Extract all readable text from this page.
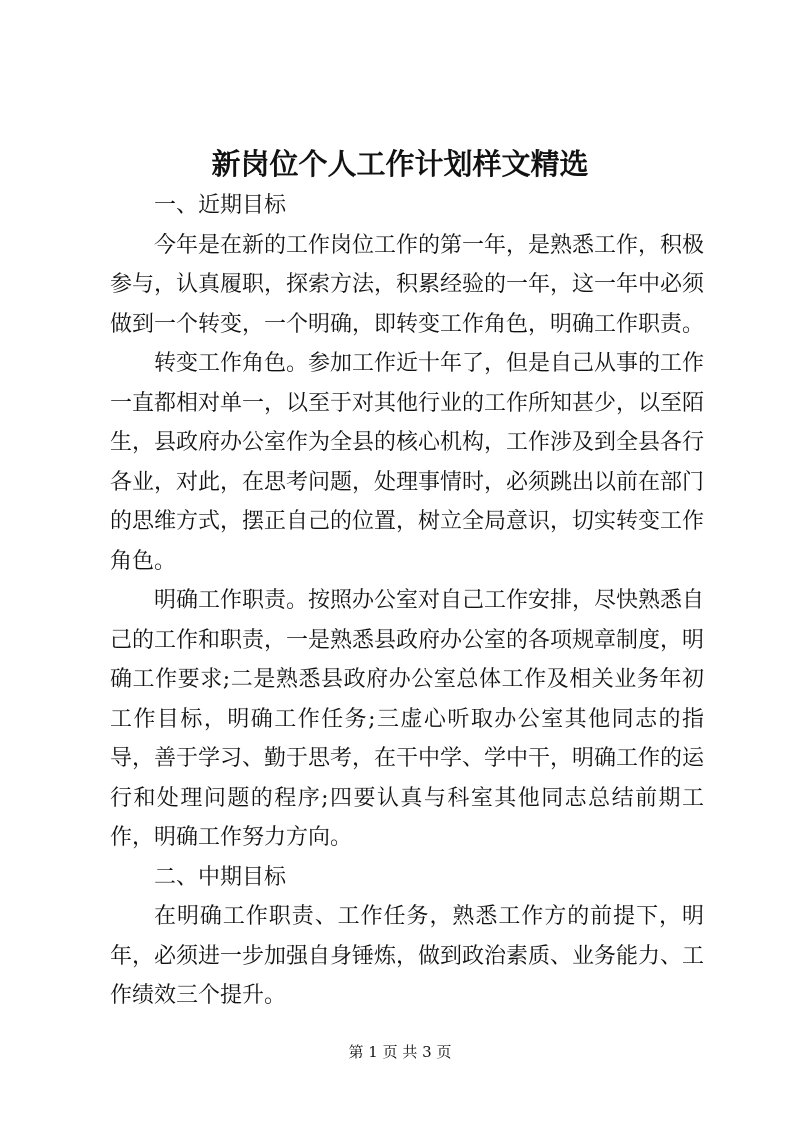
新岗位个人工作计划样文精选

一、近期目标

今年是在新的工作岗位工作的第一年，是熟悉工作，积极参与，认真履职，探索方法，积累经验的一年，这一年中必须做到一个转变，一个明确，即转变工作角色，明确工作职责。

转变工作角色。参加工作近十年了，但是自己从事的工作一直都相对单一，以至于对其他行业的工作所知甚少，以至陌生，县政府办公室作为全县的核心机构，工作涉及到全县各行各业，对此，在思考问题，处理事情时，必须跳出以前在部门的思维方式，摆正自己的位置，树立全局意识，切实转变工作角色。

明确工作职责。按照办公室对自己工作安排，尽快熟悉自己的工作和职责，一是熟悉县政府办公室的各项规章制度，明确工作要求;二是熟悉县政府办公室总体工作及相关业务年初工作目标，明确工作任务;三虚心听取办公室其他同志的指导，善于学习、勤于思考，在干中学、学中干，明确工作的运行和处理问题的程序;四要认真与科室其他同志总结前期工作，明确工作努力方向。

二、中期目标

在明确工作职责、工作任务，熟悉工作方的前提下，明年，必须进一步加强自身锤炼，做到政治素质、业务能力、工作绩效三个提升。

第 1 页 共 3 页
